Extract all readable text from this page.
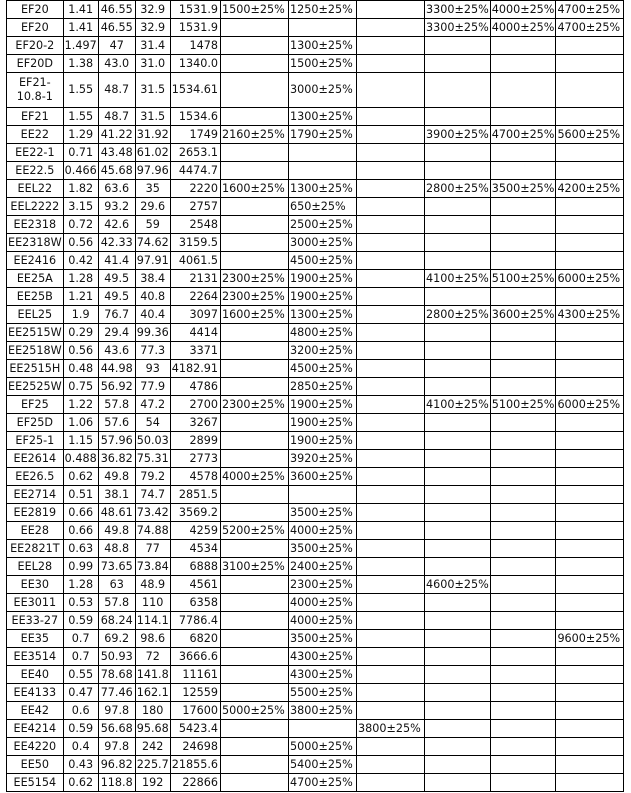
EF20	1.41	46.55	32.9	1531.9	1500±25%	1250±25%		3300±25%	4000±25%	4700±25%
EF20	1.41	46.55	32.9	1531.9				3300±25%	4000±25%	4700±25%
EF20-2	1.497	47	31.4	1478		1300±25%				
EF20D	1.38	43.0	31.0	1340.0		1500±25%				
EF21-10.8-1	1.55	48.7	31.5	1534.61		3000±25%				
EF21	1.55	48.7	31.5	1534.6		1300±25%				
EE22	1.29	41.22	31.92	1749	2160±25%	1790±25%		3900±25%	4700±25%	5600±25%
EE22-1	0.71	43.48	61.02	2653.1						
EE22.5	0.466	45.68	97.96	4474.7						
EEL22	1.82	63.6	35	2220	1600±25%	1300±25%		2800±25%	3500±25%	4200±25%
EEL2222	3.15	93.2	29.6	2757		650±25%				
EE2318	0.72	42.6	59	2548		2500±25%				
EE2318W	0.56	42.33	74.62	3159.5		3000±25%				
EE2416	0.42	41.4	97.91	4061.5		4500±25%				
EE25A	1.28	49.5	38.4	2131	2300±25%	1900±25%		4100±25%	5100±25%	6000±25%
EE25B	1.21	49.5	40.8	2264	2300±25%	1900±25%				
EEL25	1.9	76.7	40.4	3097	1600±25%	1300±25%		2800±25%	3600±25%	4300±25%
EE2515W	0.29	29.4	99.36	4414		4800±25%				
EE2518W	0.56	43.6	77.3	3371		3200±25%				
EE2515H	0.48	44.98	93	4182.91		4500±25%				
EE2525W	0.75	56.92	77.9	4786		2850±25%				
EF25	1.22	57.8	47.2	2700	2300±25%	1900±25%		4100±25%	5100±25%	6000±25%
EF25D	1.06	57.6	54	3267		1900±25%				
EF25-1	1.15	57.96	50.03	2899		1900±25%				
EE2614	0.488	36.82	75.31	2773		3920±25%				
EE26.5	0.62	49.8	79.2	4578	4000±25%	3600±25%				
EE2714	0.51	38.1	74.7	2851.5						
EE2819	0.66	48.61	73.42	3569.2		3500±25%				
EE28	0.66	49.8	74.88	4259	5200±25%	4000±25%				
EE2821T	0.63	48.8	77	4534		3500±25%				
EEL28	0.99	73.65	73.84	6888	3100±25%	2400±25%				
EE30	1.28	63	48.9	4561		2300±25%		4600±25%		
EE3011	0.53	57.8	110	6358		4000±25%				
EE33-27	0.59	68.24	114.1	7786.4		4000±25%				
EE35	0.7	69.2	98.6	6820		3500±25%				9600±25%
EE3514	0.7	50.93	72	3666.6		4300±25%				
EE40	0.55	78.68	141.8	11161		4300±25%				
EE4133	0.47	77.46	162.1	12559		5500±25%				
EE42	0.6	97.8	180	17600	5000±25%	3800±25%				
EE4214	0.59	56.68	95.68	5423.4			3800±25%			
EE4220	0.4	97.8	242	24698		5000±25%				
EE50	0.43	96.82	225.7	21855.6		5400±25%				
EE5154	0.62	118.8	192	22866		4700±25%				
